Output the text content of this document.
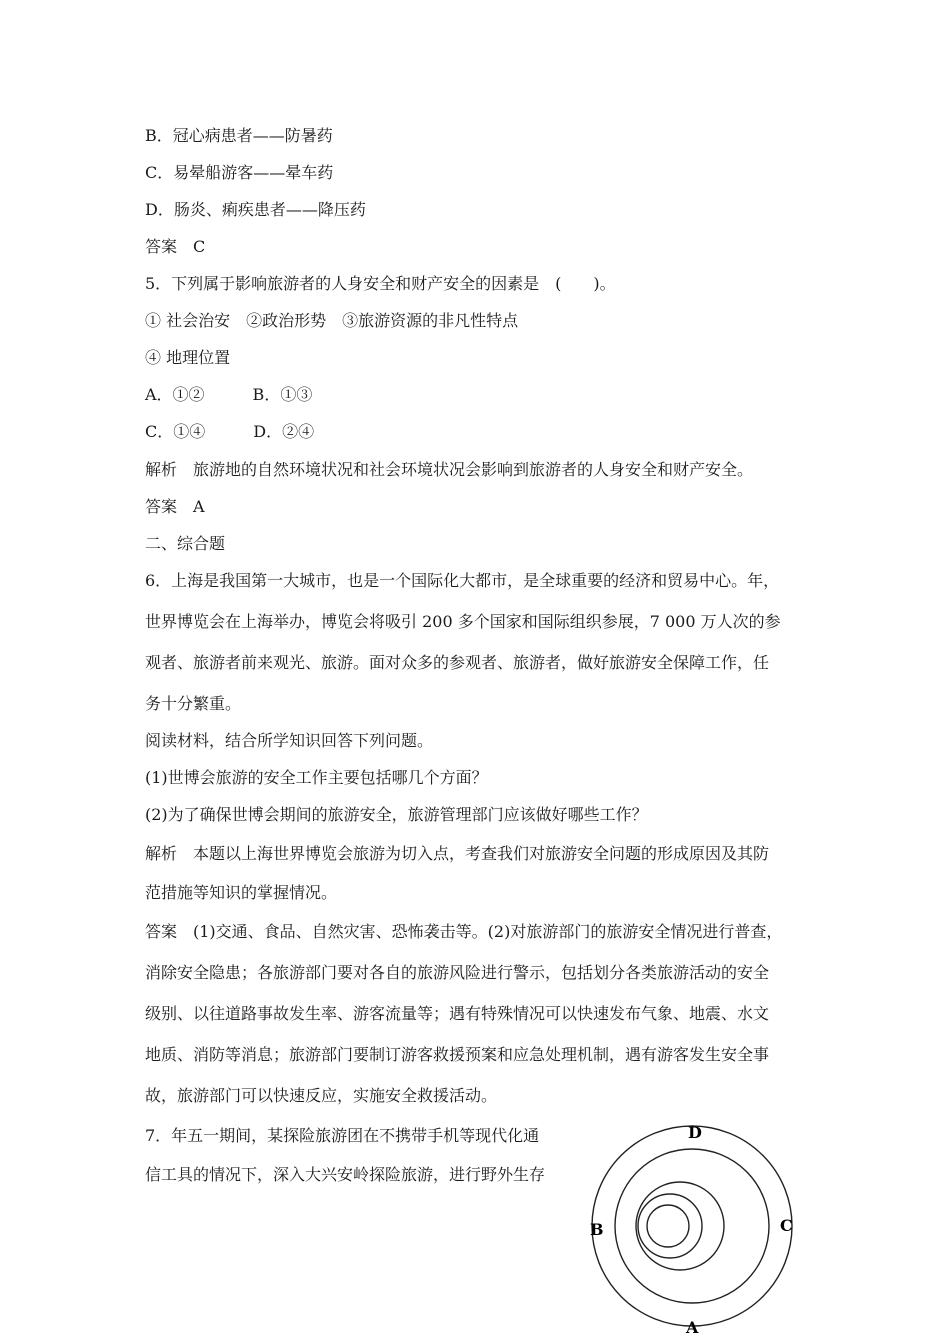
B．冠心病患者——防暑药
C．易晕船游客——晕车药
D．肠炎、痢疾患者——降压药
答案　C
5．下列属于影响旅游者的人身安全和财产安全的因素是　(　　)。
① 社会治安　②政治形势　③旅游资源的非凡性特点
④ 地理位置
A．①②　　　B．①③
C．①④　　　D．②④
解析　旅游地的自然环境状况和社会环境状况会影响到旅游者的人身安全和财产安全。
答案　A
二、综合题
6．上海是我国第一大城市，也是一个国际化大都市，是全球重要的经济和贸易中心。年，
世界博览会在上海举办，博览会将吸引 200 多个国家和国际组织参展，7 000 万人次的参
观者、旅游者前来观光、旅游。面对众多的参观者、旅游者，做好旅游安全保障工作，任
务十分繁重。
阅读材料，结合所学知识回答下列问题。
(1)世博会旅游的安全工作主要包括哪几个方面？
(2)为了确保世博会期间的旅游安全，旅游管理部门应该做好哪些工作？
解析　本题以上海世界博览会旅游为切入点，考查我们对旅游安全问题的形成原因及其防
范措施等知识的掌握情况。
答案　(1)交通、食品、自然灾害、恐怖袭击等。(2)对旅游部门的旅游安全情况进行普查，
消除安全隐患；各旅游部门要对各自的旅游风险进行警示，包括划分各类旅游活动的安全
级别、以往道路事故发生率、游客流量等；遇有特殊情况可以快速发布气象、地震、水文
地质、消防等消息；旅游部门要制订游客救援预案和应急处理机制，遇有游客发生安全事
故，旅游部门可以快速反应，实施安全救援活动。
7．年五一期间，某探险旅游团在不携带手机等现代化通
信工具的情况下，深入大兴安岭探险旅游，进行野外生存
D
B	C
A
